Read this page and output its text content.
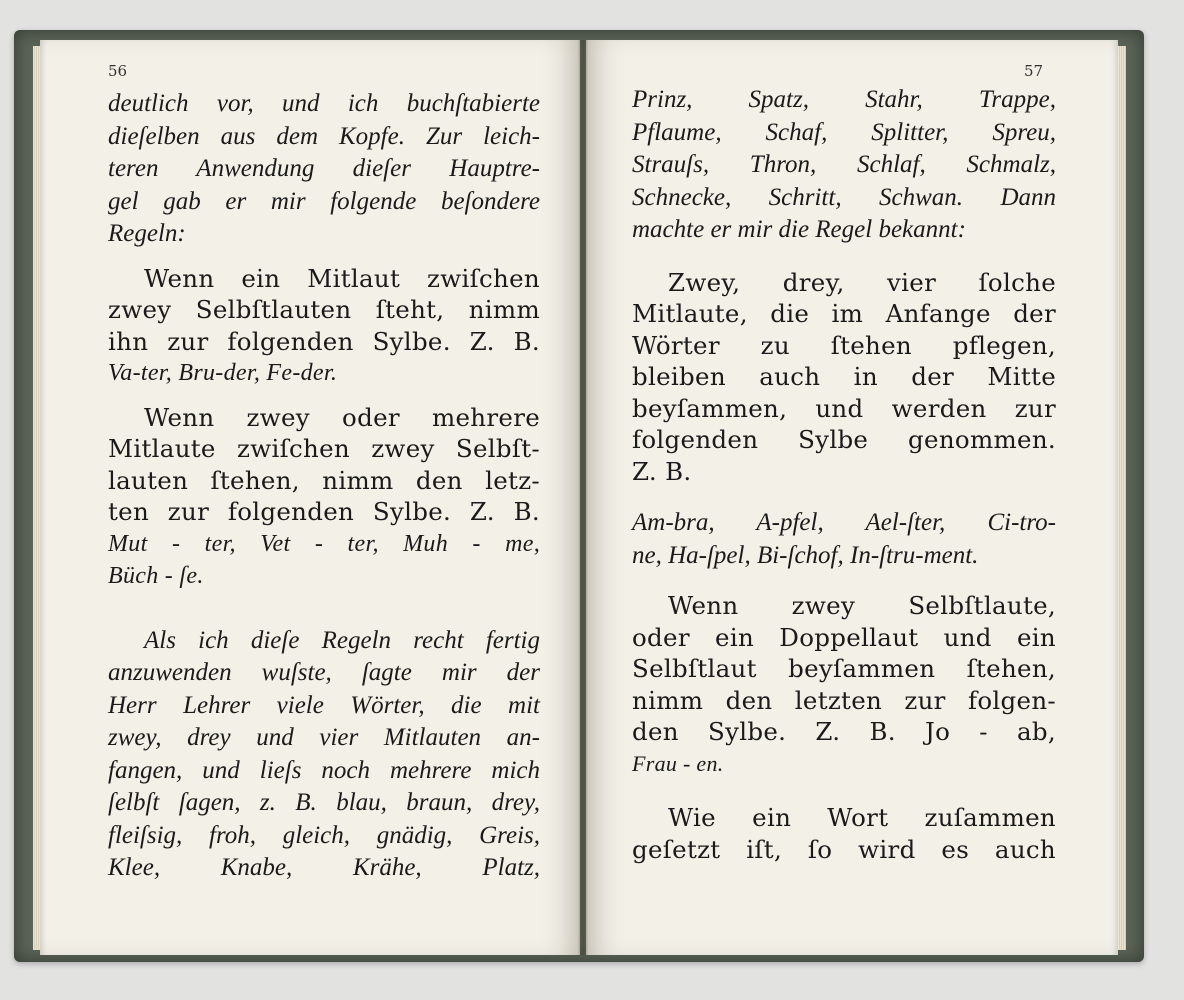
56	57

deutlich vor, und ich buchſtabierte
dieſelben aus dem Kopfe. Zur leich-
teren Anwendung dieſer Hauptre-
gel gab er mir folgende beſondere
Regeln:

Wenn ein Mitlaut zwiſchen
zwey Selbſtlauten ſteht, nimm
ihn zur folgenden Sylbe. Z. B.
Va-ter, Bru-der, Fe-der.

Wenn zwey oder mehrere
Mitlaute zwiſchen zwey Selbſt-
lauten ſtehen, nimm den letz-
ten zur folgenden Sylbe. Z. B.
Mut - ter, Vet - ter, Muh - me,
Büch - ſe.

Als ich dieſe Regeln recht fertig
anzuwenden wuſste, ſagte mir der
Herr Lehrer viele Wörter, die mit
zwey, drey und vier Mitlauten an-
fangen, und lieſs noch mehrere mich
ſelbſt ſagen, z. B. blau, braun, drey,
fleiſsig, froh, gleich, gnädig, Greis,
Klee, Knabe, Krähe, Platz,

Prinz, Spatz, Stahr, Trappe,
Pflaume, Schaf, Splitter, Spreu,
Strauſs, Thron, Schlaf, Schmalz,
Schnecke, Schritt, Schwan. Dann
machte er mir die Regel bekannt:

Zwey, drey, vier ſolche
Mitlaute, die im Anfange der
Wörter zu ſtehen pflegen,
bleiben auch in der Mitte
beyſammen, und werden zur
folgenden Sylbe genommen.
Z. B.

Am-bra, A-pfel, Ael-ſter, Ci-tro-
ne, Ha-ſpel, Bi-ſchof, In-ſtru-ment.

Wenn zwey Selbſtlaute,
oder ein Doppellaut und ein
Selbſtlaut beyſammen ſtehen,
nimm den letzten zur folgen-
den Sylbe. Z. B. Jo - ab,
Frau - en.

Wie ein Wort zuſammen
geſetzt iſt, ſo wird es auch
